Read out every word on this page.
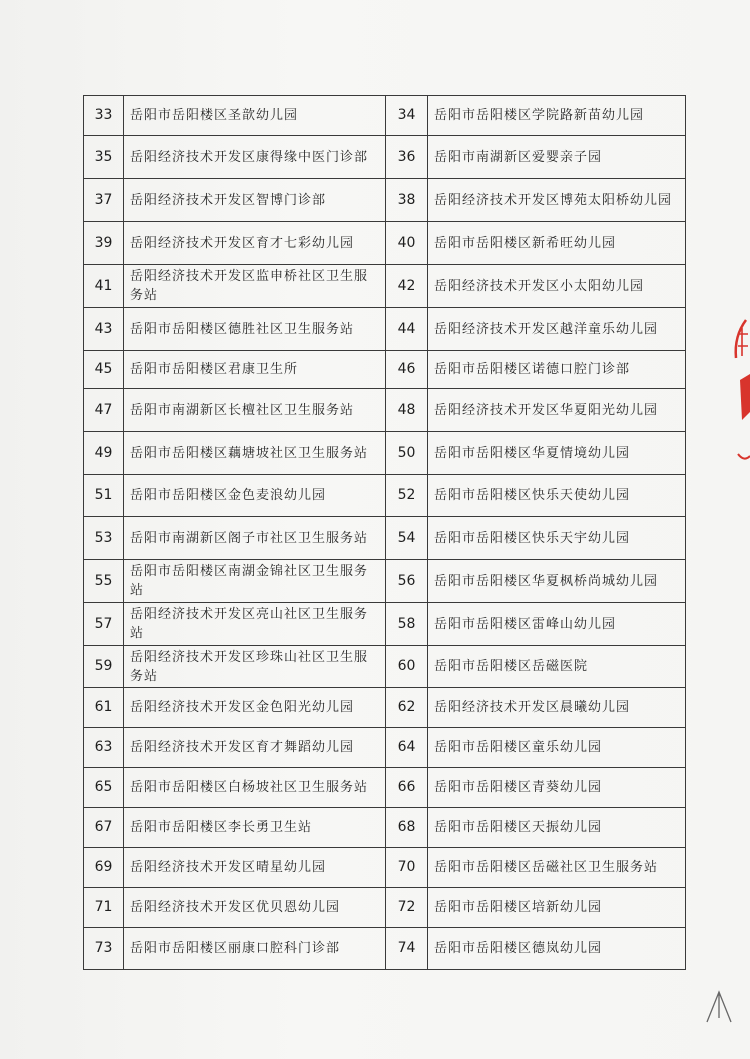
33	岳阳市岳阳楼区圣歆幼儿园	34	岳阳市岳阳楼区学院路新苗幼儿园
35	岳阳经济技术开发区康得缘中医门诊部	36	岳阳市南湖新区爱婴亲子园
37	岳阳经济技术开发区智博门诊部	38	岳阳经济技术开发区博苑太阳桥幼儿园
39	岳阳经济技术开发区育才七彩幼儿园	40	岳阳市岳阳楼区新希旺幼儿园
41	岳阳经济技术开发区监申桥社区卫生服务站	42	岳阳经济技术开发区小太阳幼儿园
43	岳阳市岳阳楼区德胜社区卫生服务站	44	岳阳经济技术开发区越洋童乐幼儿园
45	岳阳市岳阳楼区君康卫生所	46	岳阳市岳阳楼区诺德口腔门诊部
47	岳阳市南湖新区长檀社区卫生服务站	48	岳阳经济技术开发区华夏阳光幼儿园
49	岳阳市岳阳楼区藕塘坡社区卫生服务站	50	岳阳市岳阳楼区华夏情境幼儿园
51	岳阳市岳阳楼区金色麦浪幼儿园	52	岳阳市岳阳楼区快乐天使幼儿园
53	岳阳市南湖新区阁子市社区卫生服务站	54	岳阳市岳阳楼区快乐天宇幼儿园
55	岳阳市岳阳楼区南湖金锦社区卫生服务站	56	岳阳市岳阳楼区华夏枫桥尚城幼儿园
57	岳阳经济技术开发区亮山社区卫生服务站	58	岳阳市岳阳楼区雷峰山幼儿园
59	岳阳经济技术开发区珍珠山社区卫生服务站	60	岳阳市岳阳楼区岳磁医院
61	岳阳经济技术开发区金色阳光幼儿园	62	岳阳经济技术开发区晨曦幼儿园
63	岳阳经济技术开发区育才舞蹈幼儿园	64	岳阳市岳阳楼区童乐幼儿园
65	岳阳市岳阳楼区白杨坡社区卫生服务站	66	岳阳市岳阳楼区青葵幼儿园
67	岳阳市岳阳楼区李长勇卫生站	68	岳阳市岳阳楼区天振幼儿园
69	岳阳经济技术开发区晴星幼儿园	70	岳阳市岳阳楼区岳磁社区卫生服务站
71	岳阳经济技术开发区优贝恩幼儿园	72	岳阳市岳阳楼区培新幼儿园
73	岳阳市岳阳楼区丽康口腔科门诊部	74	岳阳市岳阳楼区德岚幼儿园
